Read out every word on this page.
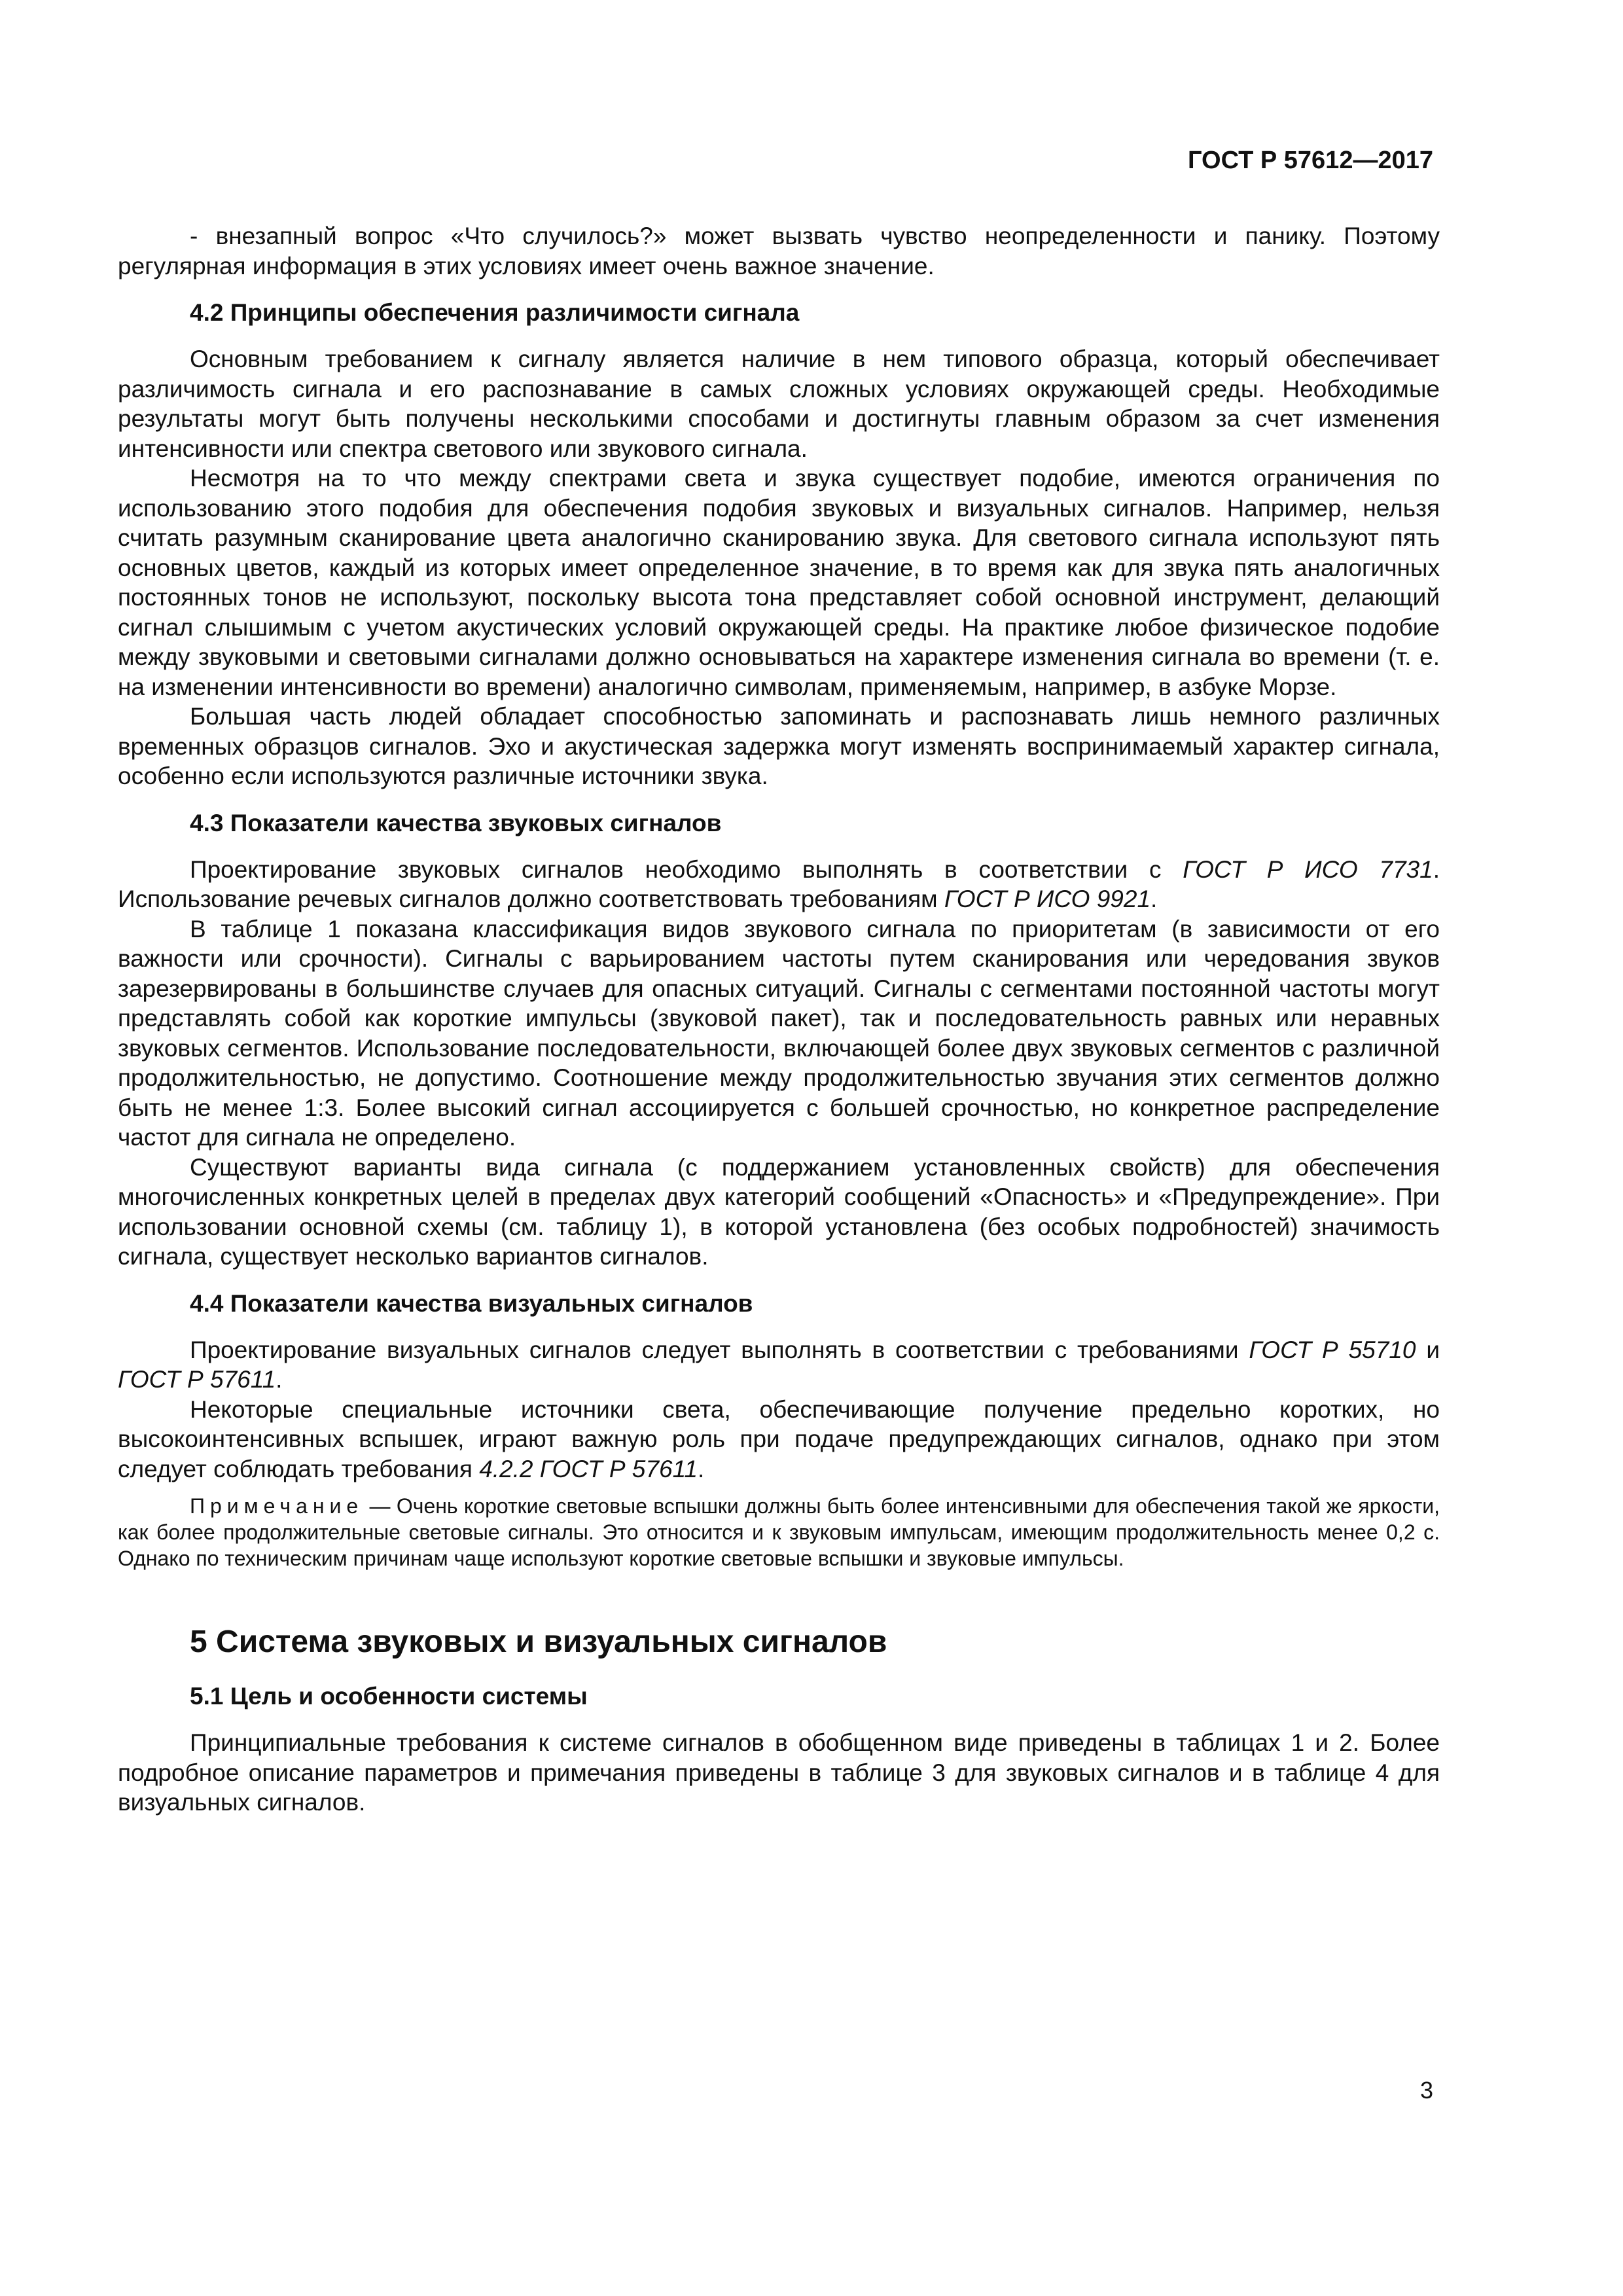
ГОСТ Р 57612—2017

- внезапный вопрос «Что случилось?» может вызвать чувство неопределенности и панику. Поэтому регулярная информация в этих условиях имеет очень важное значение.

4.2 Принципы обеспечения различимости сигнала

Основным требованием к сигналу является наличие в нем типового образца, который обеспечивает различимость сигнала и его распознавание в самых сложных условиях окружающей среды. Необходимые результаты могут быть получены несколькими способами и достигнуты главным образом за счет изменения интенсивности или спектра светового или звукового сигнала.

Несмотря на то что между спектрами света и звука существует подобие, имеются ограничения по использованию этого подобия для обеспечения подобия звуковых и визуальных сигналов. Например, нельзя считать разумным сканирование цвета аналогично сканированию звука. Для светового сигнала используют пять основных цветов, каждый из которых имеет определенное значение, в то время как для звука пять аналогичных постоянных тонов не используют, поскольку высота тона представляет собой основной инструмент, делающий сигнал слышимым с учетом акустических условий окружающей среды. На практике любое физическое подобие между звуковыми и световыми сигналами должно основываться на характере изменения сигнала во времени (т. е. на изменении интенсивности во времени) аналогично символам, применяемым, например, в азбуке Морзе.

Большая часть людей обладает способностью запоминать и распознавать лишь немного различных временных образцов сигналов. Эхо и акустическая задержка могут изменять воспринимаемый характер сигнала, особенно если используются различные источники звука.

4.3 Показатели качества звуковых сигналов

Проектирование звуковых сигналов необходимо выполнять в соответствии с ГОСТ Р ИСО 7731. Использование речевых сигналов должно соответствовать требованиям ГОСТ Р ИСО 9921.

В таблице 1 показана классификация видов звукового сигнала по приоритетам (в зависимости от его важности или срочности). Сигналы с варьированием частоты путем сканирования или чередования звуков зарезервированы в большинстве случаев для опасных ситуаций. Сигналы с сегментами постоянной частоты могут представлять собой как короткие импульсы (звуковой пакет), так и последовательность равных или неравных звуковых сегментов. Использование последовательности, включающей более двух звуковых сегментов с различной продолжительностью, не допустимо. Соотношение между продолжительностью звучания этих сегментов должно быть не менее 1:3. Более высокий сигнал ассоциируется с большей срочностью, но конкретное распределение частот для сигнала не определено.

Существуют варианты вида сигнала (с поддержанием установленных свойств) для обеспечения многочисленных конкретных целей в пределах двух категорий сообщений «Опасность» и «Предупреждение». При использовании основной схемы (см. таблицу 1), в которой установлена (без особых подробностей) значимость сигнала, существует несколько вариантов сигналов.

4.4 Показатели качества визуальных сигналов

Проектирование визуальных сигналов следует выполнять в соответствии с требованиями ГОСТ Р 55710 и ГОСТ Р 57611.

Некоторые специальные источники света, обеспечивающие получение предельно коротких, но высокоинтенсивных вспышек, играют важную роль при подаче предупреждающих сигналов, однако при этом следует соблюдать требования 4.2.2 ГОСТ Р 57611.

Примечание — Очень короткие световые вспышки должны быть более интенсивными для обеспечения такой же яркости, как более продолжительные световые сигналы. Это относится и к звуковым импульсам, имеющим продолжительность менее 0,2 с. Однако по техническим причинам чаще используют короткие световые вспышки и звуковые импульсы.

5 Система звуковых и визуальных сигналов
5.1 Цель и особенности системы

Принципиальные требования к системе сигналов в обобщенном виде приведены в таблицах 1 и 2. Более подробное описание параметров и примечания приведены в таблице 3 для звуковых сигналов и в таблице 4 для визуальных сигналов.

3
